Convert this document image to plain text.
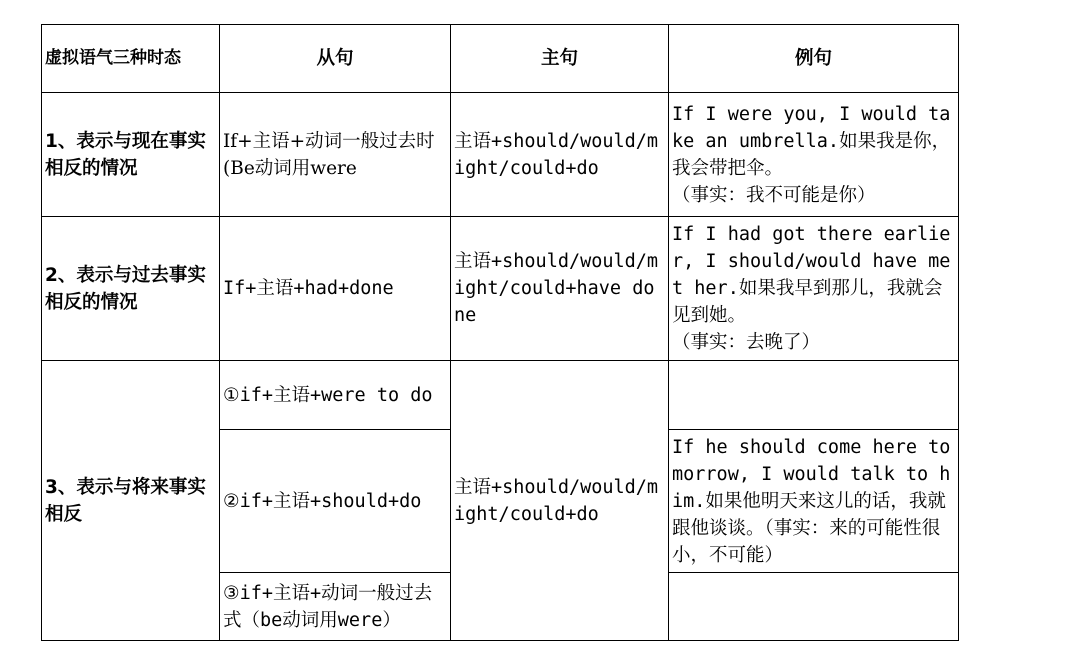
虚拟语气三种时态	从句	主句	例句
1、表示与现在事实相反的情况	If+主语+动词一般过去时(Be动词用were	主语+should/would/might/could+do	If I were you, I would take an umbrella.如果我是你，我会带把伞。
（事实：我不可能是你）

2、表示与过去事实相反的情况	If+主语+had+done	主语+should/would/might/could+have done	If I had got there earlier, I should/would have met her.如果我早到那儿，我就会见到她。
（事实：去晚了）

3、表示与将来事实相反	①if+主语+were to do	主语+should/would/might/could+do	
	②if+主语+should+do		If he should come here tomorrow, I would talk to him.如果他明天来这儿的话，我就跟他谈谈。（事实：来的可能性很小，不可能）
	③if+主语+动词一般过去式（be动词用were）		
